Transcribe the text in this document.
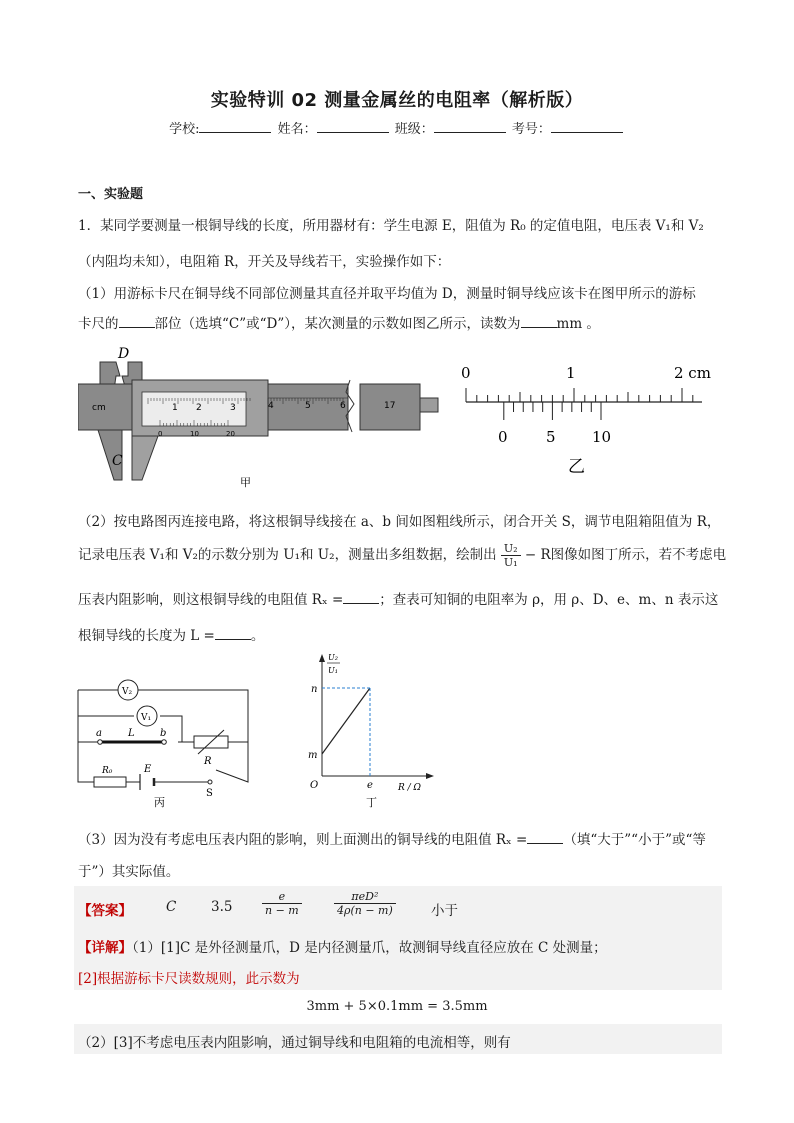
实验特训 02 测量金属丝的电阻率（解析版）
学校:	姓名：	班级：	考号：
一、实验题
1．某同学要测量一根铜导线的长度，所用器材有：学生电源 E，阻值为 R₀ 的定值电阻，电压表 V₁和 V₂
（内阻均未知），电阻箱 R，开关及导线若干，实验操作如下：
（1）用游标卡尺在铜导线不同部位测量其直径并取平均值为 D，测量时铜导线应该卡在图甲所示的游标
卡尺的	部位（选填“C”或“D”），某次测量的示数如图乙所示，读数为	mm 。
D
4	5	6	17
cm	1 2	3
0	10	20
C
甲
0	1	2 cm
0	5 10
乙
（2）按电路图丙连接电路，将这根铜导线接在 a、b 间如图粗线所示，闭合开关 S，调节电阻箱阻值为 R，
记录电压表 V₁和 V₂的示数分别为 U₁和 U₂，测量出多组数据，绘制出 $\frac{\text{U₂}}{\text{U₁}} - R$图像如图丁所示，若不考虑电
压表内阻影响，则这根铜导线的电阻值 Rₓ =	；查表可知铜的电阻率为 ρ，用 ρ、D、e、m、n 表示这
根铜导线的长度为 L =	。
V₂
V₁
a	L	b
R
R₀	E
S
丙
U₂
U₁
n
m
O	e	R / Ω
丁
（3）因为没有考虑电压表内阻的影响，则上面测出的铜导线的电阻值 Rₓ =	（填“大于”“小于”或“等
于”）其实际值。
【答案】	C	3.5	$\frac{e}{n - m}$	$\frac{\text{πeD²}}{4\rho(n - m)}$	小于
【详解】（1）[1]C 是外径测量爪，D 是内径测量爪，故测铜导线直径应放在 C 处测量；
[2]根据游标卡尺读数规则，此示数为
3mm + 5×0.1mm = 3.5mm
（2）[3]不考虑电压表内阻影响，通过铜导线和电阻箱的电流相等，则有
